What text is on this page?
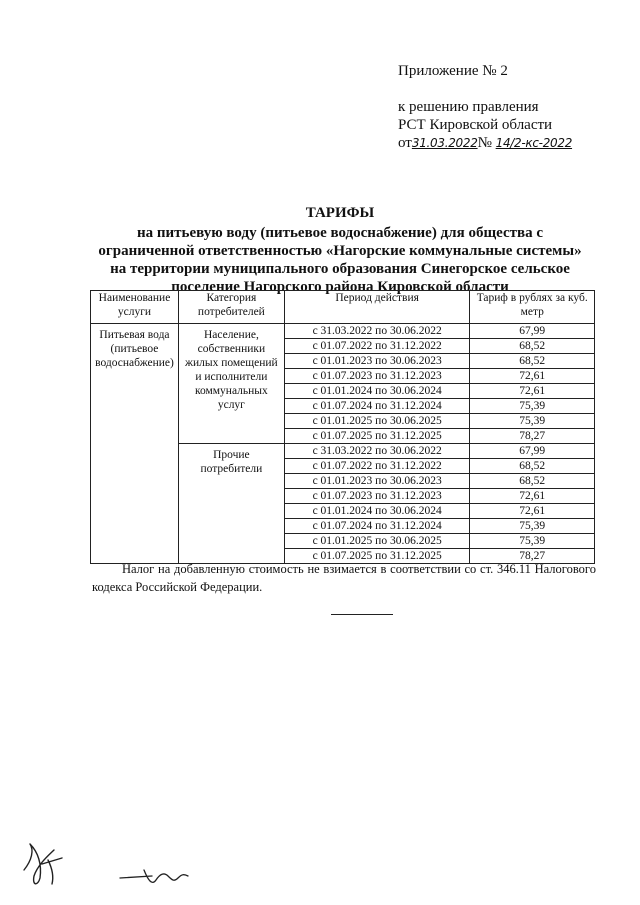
Приложение № 2
к решению правления
РСТ Кировской области
от31.03.2022№ 14/2-кс-2022
ТАРИФЫ
на питьевую воду (питьевое водоснабжение) для общества с
ограниченной ответственностью «Нагорские коммунальные системы»
на территории муниципального образования Синегорское сельское
поселение Нагорского района Кировской области
Наименование услуги	Категория потребителей	Период действия	Тариф в рублях за куб. метр
Питьевая вода (питьевое водоснабжение)	Население, собственники жилых помещений и исполнители коммунальных услуг	с 31.03.2022 по 30.06.2022	67,99
		с 01.07.2022 по 31.12.2022	68,52
		с 01.01.2023 по 30.06.2023	68,52
		с 01.07.2023 по 31.12.2023	72,61
		с 01.01.2024 по 30.06.2024	72,61
		с 01.07.2024 по 31.12.2024	75,39
		с 01.01.2025 по 30.06.2025	75,39
		с 01.07.2025 по 31.12.2025	78,27
	Прочие потребители	с 31.03.2022 по 30.06.2022	67,99
		с 01.07.2022 по 31.12.2022	68,52
		с 01.01.2023 по 30.06.2023	68,52
		с 01.07.2023 по 31.12.2023	72,61
		с 01.01.2024 по 30.06.2024	72,61
		с 01.07.2024 по 31.12.2024	75,39
		с 01.01.2025 по 30.06.2025	75,39
		с 01.07.2025 по 31.12.2025	78,27
Налог на добавленную стоимость не взимается в соответствии со ст. 346.11 Налогового кодекса Российской Федерации.
